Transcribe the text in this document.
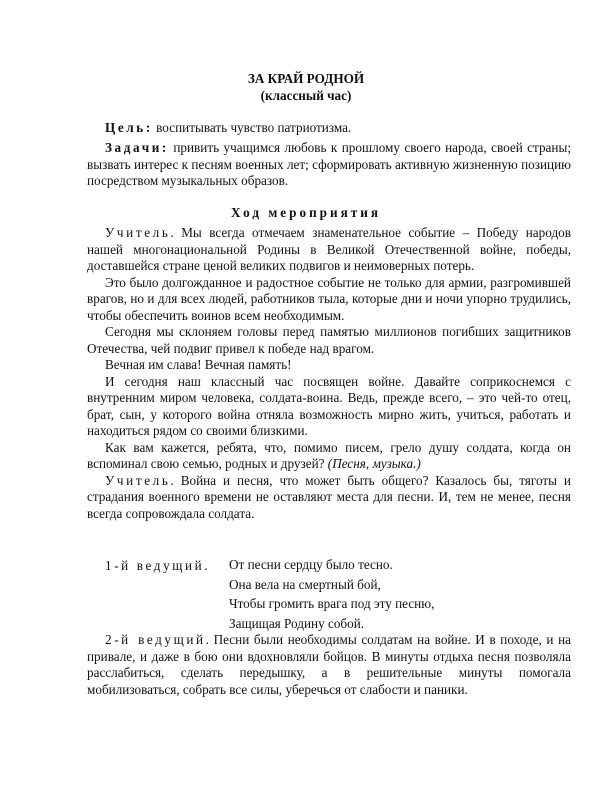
ЗА КРАЙ РОДНОЙ
(классный час)

Цель: воспитывать чувство патриотизма.

Задачи: привить учащимся любовь к прошлому своего народа, своей страны; вызвать интерес к песням военных лет; сформировать активную жизненную позицию посредством музыкальных образов.

Ход мероприятия

Учитель. Мы всегда отмечаем знаменательное событие – Победу народов нашей многонациональной Родины в Великой Отечественной войне, победы, доставшейся стране ценой великих подвигов и неимоверных потерь.

Это было долгожданное и радостное событие не только для армии, разгромившей врагов, но и для всех людей, работников тыла, которые дни и ночи упорно трудились, чтобы обеспечить воинов всем необходимым.

Сегодня мы склоняем головы перед памятью миллионов погибших защитников Отечества, чей подвиг привел к победе над врагом.

Вечная им слава! Вечная память!

И сегодня наш классный час посвящен войне. Давайте соприкоснемся с внутренним миром человека, солдата-воина. Ведь, прежде всего, – это чей-то отец, брат, сын, у которого война отняла возможность мирно жить, учиться, работать и находиться рядом со своими близкими.

Как вам кажется, ребята, что, помимо писем, грело душу солдата, когда он вспоминал свою семью, родных и друзей? (Песня, музыка.)

Учитель. Война и песня, что может быть общего? Казалось бы, тяготы и страдания военного времени не оставляют места для песни. И, тем не менее, песня всегда сопровождала солдата.

1-й ведущий. От песни сердцу было тесно.
Она вела на смертный бой,
Чтобы громить врага под эту песню,
Защищая Родину собой.

2-й ведущий. Песни были необходимы солдатам на войне. И в походе, и на привале, и даже в бою они вдохновляли бойцов. В минуты отдыха песня позволяла расслабиться, сделать передышку, а в решительные минуты помогала мобилизоваться, собрать все силы, уберечься от слабости и паники.
